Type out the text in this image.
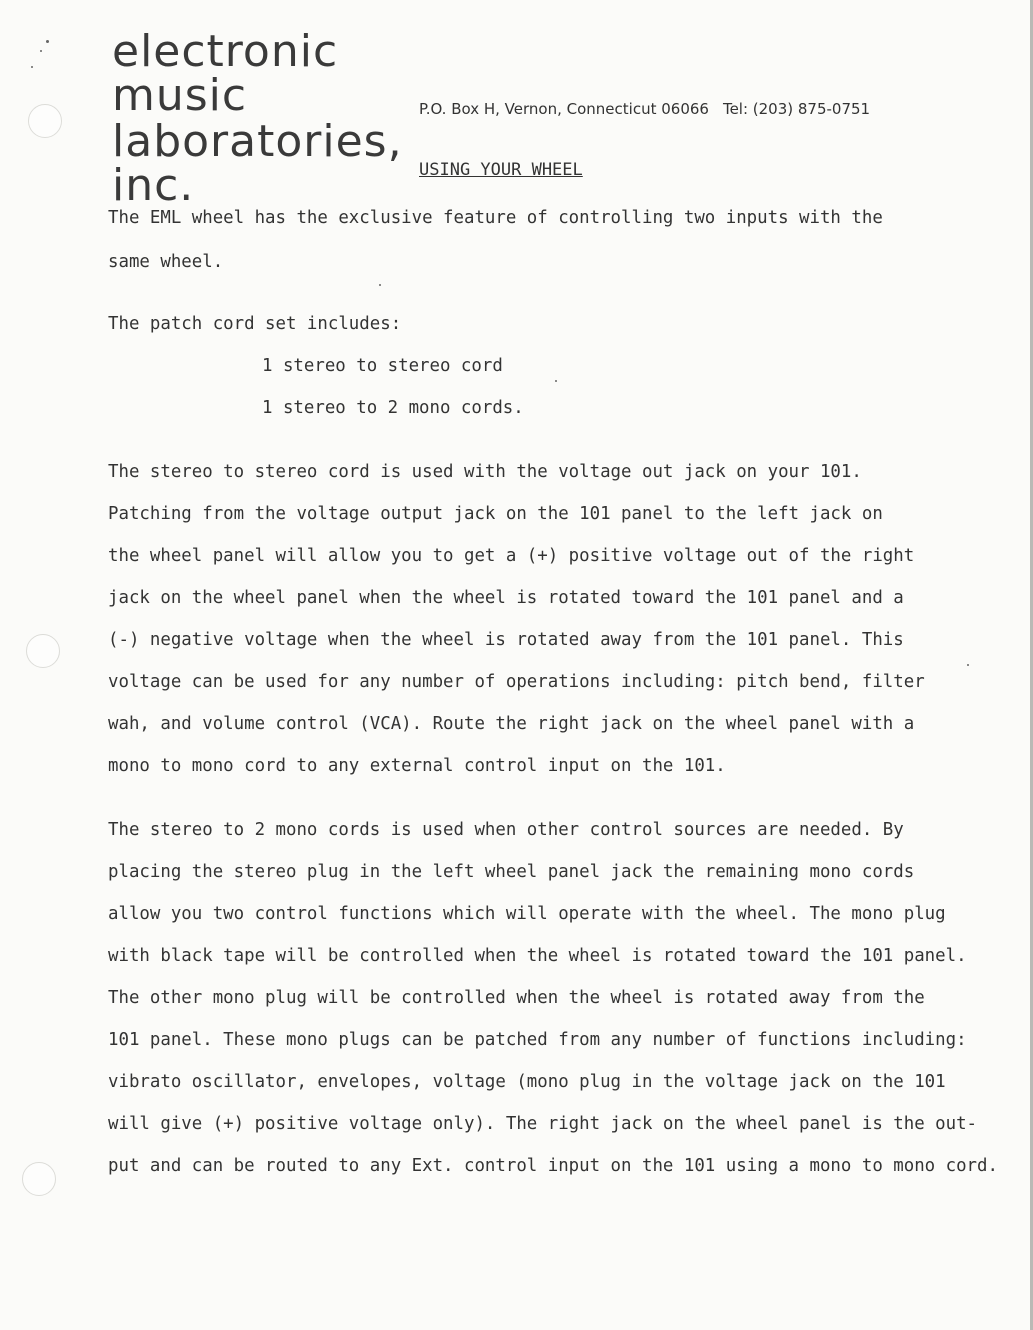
electronic music
laboratories, inc.
P.O. Box H, Vernon, Connecticut 06066 Tel: (203) 875-0751
USING YOUR WHEEL
The EML wheel has the exclusive feature of controlling two inputs with the
same wheel.
The patch cord set includes:
1 stereo to stereo cord
1 stereo to 2 mono cords.
The stereo to stereo cord is used with the voltage out jack on your 101.
Patching from the voltage output jack on the 101 panel to the left jack on
the wheel panel will allow you to get a (+) positive voltage out of the right
jack on the wheel panel when the wheel is rotated toward the 101 panel and a
(-) negative voltage when the wheel is rotated away from the 101 panel. This
voltage can be used for any number of operations including: pitch bend, filter
wah, and volume control (VCA). Route the right jack on the wheel panel with a
mono to mono cord to any external control input on the 101.
The stereo to 2 mono cords is used when other control sources are needed. By
placing the stereo plug in the left wheel panel jack the remaining mono cords
allow you two control functions which will operate with the wheel. The mono plug
with black tape will be controlled when the wheel is rotated toward the 101 panel.
The other mono plug will be controlled when the wheel is rotated away from the
101 panel. These mono plugs can be patched from any number of functions including:
vibrato oscillator, envelopes, voltage (mono plug in the voltage jack on the 101
will give (+) positive voltage only). The right jack on the wheel panel is the out-
put and can be routed to any Ext. control input on the 101 using a mono to mono cord.
